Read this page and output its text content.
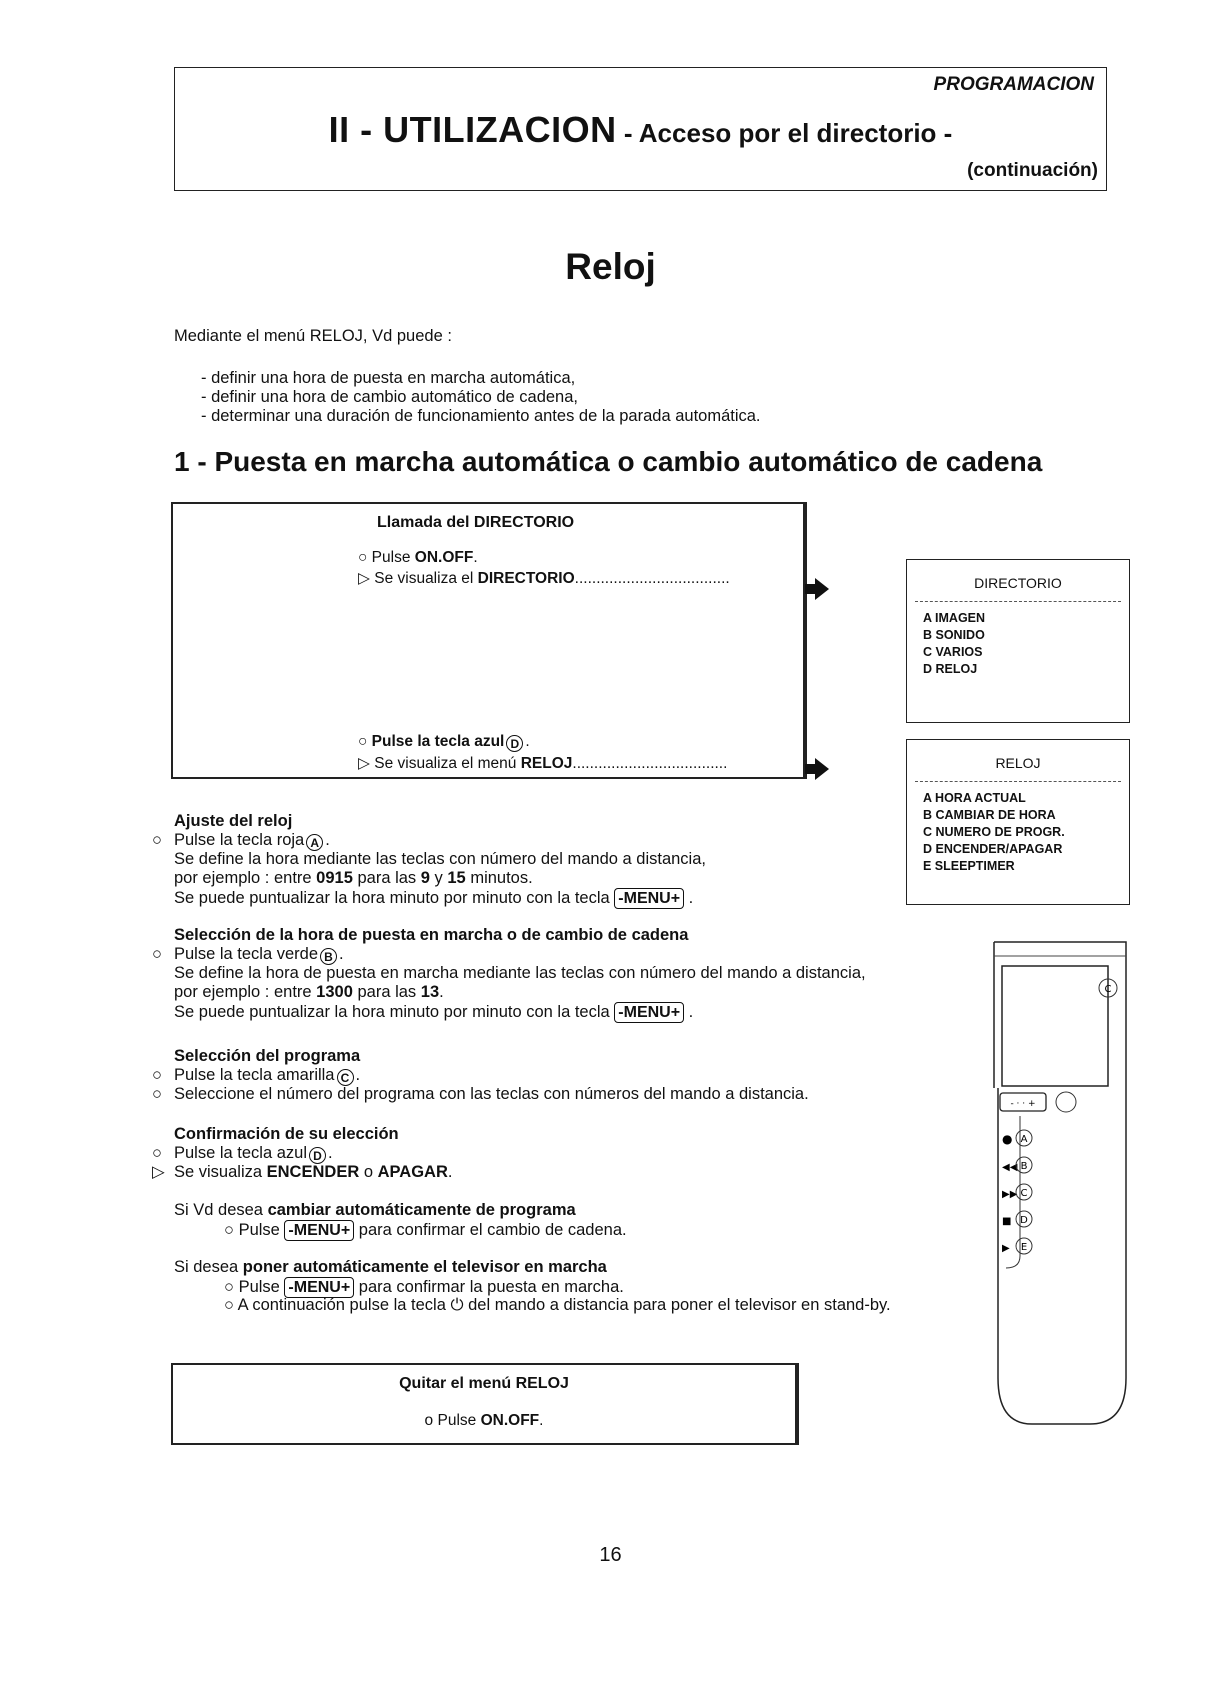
PROGRAMACION
II - UTILIZACION - Acceso por el directorio -
(continuación)
Reloj
Mediante el menú RELOJ, Vd puede :
- definir una hora de puesta en marcha automática,
- definir una hora de cambio automático de cadena,
- determinar una duración de funcionamiento antes de la parada automática.
1 - Puesta en marcha automática o cambio automático de cadena
Llamada del DIRECTORIO
○ Pulse ON.OFF.
▷ Se visualiza el DIRECTORIO....................................
○ Pulse la tecla azul D .
▷ Se visualiza el menú RELOJ....................................
DIRECTORIO
A IMAGEN
B SONIDO
C VARIOS
D RELOJ
RELOJ
A HORA ACTUAL
B CAMBIAR DE HORA
C NUMERO DE PROGR.
D ENCENDER/APAGAR
E SLEEPTIMER
Ajuste del reloj
○ Pulse la tecla roja A .
Se define la hora mediante las teclas con número del mando a distancia,
por ejemplo : entre 0915 para las 9 y 15 minutos.
Se puede puntualizar la hora minuto por minuto con la tecla -MENU+ .
Selección de la hora de puesta en marcha o de cambio de cadena
○ Pulse la tecla verde B .
Se define la hora de puesta en marcha mediante las teclas con número del mando a distancia,
por ejemplo : entre 1300 para las 13.
Se puede puntualizar la hora minuto por minuto con la tecla -MENU+ .
Selección del programa
○ Pulse la tecla amarilla C .
○ Seleccione el número del programa con las teclas con números del mando a distancia.
Confirmación de su elección
○ Pulse la tecla azul D .
▷ Se visualiza ENCENDER o APAGAR.
Si Vd desea cambiar automáticamente de programa
○ Pulse -MENU+ para confirmar el cambio de cadena.
Si desea poner automáticamente el televisor en marcha
○ Pulse -MENU+ para confirmar la puesta en marcha.
○ A continuación pulse la tecla ⏻ del mando a distancia para poner el televisor en stand-by.
C
- · · +
● A
◀◀ B
▶▶ C
■ D
▶ E
Quitar el menú RELOJ
o Pulse ON.OFF.
16
